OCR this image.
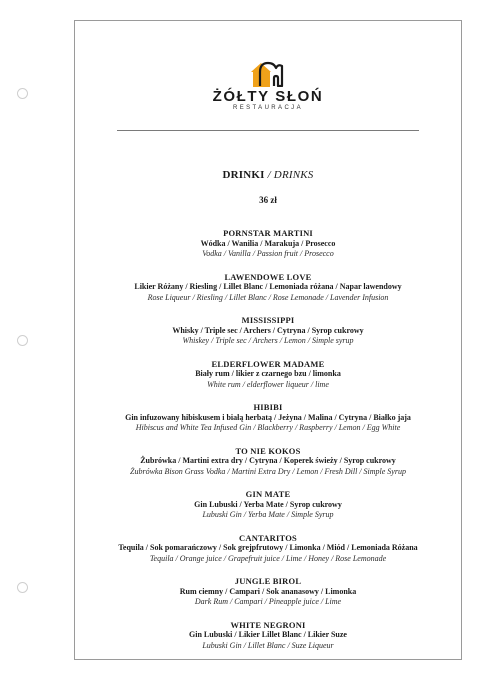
ŻÓŁTY SŁOŃ
RESTAURACJA
DRINKI / DRINKS
36 zł
PORNSTAR MARTINI
Wódka / Wanilia / Marakuja / Prosecco
Vodka / Vanilla / Passion fruit / Prosecco
LAWENDOWE LOVE
Likier Różany / Riesling / Lillet Blanc / Lemoniada różana / Napar lawendowy
Rose Liqueur / Riesling / Lillet Blanc / Rose Lemonade / Lavender Infusion
MISSISSIPPI
Whisky / Triple sec / Archers / Cytryna / Syrop cukrowy
Whiskey / Triple sec / Archers / Lemon / Simple syrup
ELDERFLOWER MADAME
Biały rum / likier z czarnego bzu / limonka
White rum / elderflower liqueur / lime
HIBIBI
Gin infuzowany hibiskusem i białą herbatą / Jeżyna / Malina / Cytryna / Białko jaja
Hibiscus and White Tea Infused Gin / Blackberry / Raspberry / Lemon / Egg White
TO NIE KOKOS
Żubrówka / Martini extra dry / Cytryna / Koperek świeży / Syrop cukrowy
Żubrówka Bison Grass Vodka / Martini Extra Dry / Lemon / Fresh Dill / Simple Syrup
GIN MATE
Gin Lubuski / Yerba Mate / Syrop cukrowy
Lubuski Gin / Yerba Mate / Simple Syrup
CANTARITOS
Tequila / Sok pomarańczowy / Sok grejpfrutowy / Limonka / Miód / Lemoniada Różana
Tequila / Orange juice / Grapefruit juice / Lime / Honey / Rose Lemonade
JUNGLE BIROL
Rum ciemny / Campari / Sok ananasowy / Limonka
Dark Rum / Campari / Pineapple juice / Lime
WHITE NEGRONI
Gin Lubuski / Likier Lillet Blanc / Likier Suze
Lubuski Gin / Lillet Blanc / Suze Liqueur
